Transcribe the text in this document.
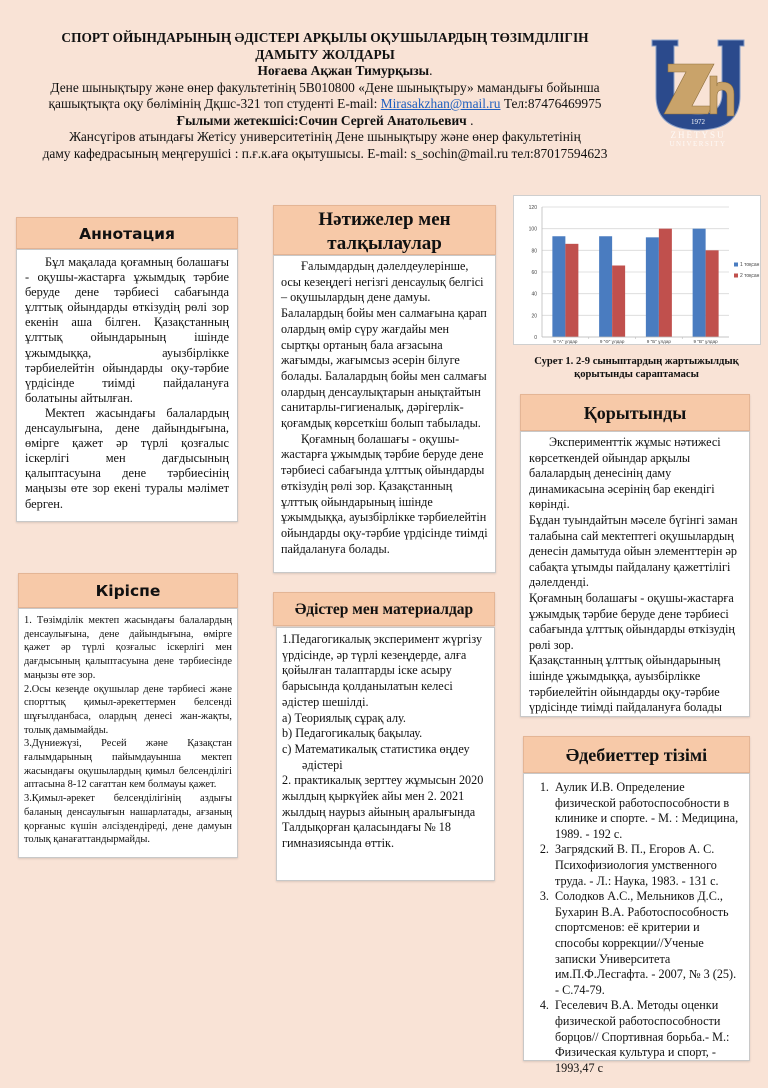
СПОРТ ОЙЫНДАРЫНЫҢ ӘДІСТЕРІ АРҚЫЛЫ ОҚУШЫЛАРДЫҢ ТӨЗІМДІЛІГІН
ДАМЫТУ ЖОЛДАРЫ
Ноғаева Ақжан Тимурқызы.
Дене шынықтыру және өнер факультетінің 5В010800 «Дене шынықтыру» мамандығы бойынша
қашықтықта оқу бөлімінің Дқшс-321 топ студенті E-mail: Mirasakzhan@mail.ru Тел:87476469975
Ғылыми жетекшісі:Сочин Сергей Анатольевич .
Жансүгіров атындағы Жетісу университетінің Дене шынықтыру және өнер факультетінің
даму кафедрасының меңгерушісі : п.ғ.к.аға оқытушысы. E-mail: s_sochin@mail.ru тел:87017594623
1972
ZHETYSU
UNIVERSITY
Аннотация

Бұл мақалада қоғамның болашағы - оқушы-жастарға ұжымдық тәрбие беруде дене тәрбиесі сабағында ұлттық ойындарды өткізудің рөлі зор екенін аша білген. Қазақстанның ұлттық ойындарының ішінде ұжымдыққа, ауызбірлікке тәрбиелейтін ойындарды оқу-тәрбие үрдісінде тиімді пайдалануға болатыны айтылған.

Мектеп жасындағы балалардың денсаулығына, дене дайындығына, өмірге қажет әр түрлі қозғалыс іскерлігі мен дағдысының қалыптасуына дене тәрбиесінің маңызы өте зор екені туралы мәлімет берген.

Кіріспе

1. Төзімділік мектеп жасындағы балалардың денсаулығына, дене дайындығына, өмірге қажет әр түрлі қозғалыс іскерлігі мен дағдысының қалыптасуына дене тәрбиесінде маңызы өте зор.

2.Осы кезеңде оқушылар дене тәрбиесі және спорттық қимыл-әрекеттермен белсенді шұғылданбаса, олардың денесі жан-жақты, толық дамымайды.

3.Дүниежүзі, Ресей және Қазақстан ғалымдарының пайымдауынша мектеп жасындағы оқушылардың қимыл белсенділігі аптасына 8-12 сағаттан кем болмауы қажет.

3.Қимыл-әрекет белсенділігінің аздығы баланың денсаулығын нашарлатады, ағзаның қорғаныс күшін әлсіздендіреді, дене дамуын толық қанағаттандырмайды.

Нәтижелер мен
талқылаулар

Ғалымдардың дәлелдеулерінше, осы кезеңдегі негізгі денсаулық белгісі – оқушылардың дене дамуы. Балалардың бойы мен салмағына қарап олардың өмір сүру жағдайы мен сыртқы ортаның бала ағзасына жағымды, жағымсыз әсерін білуге болады. Балалардың бойы мен салмағы олардың денсаулықтарын анықтайтын санитарлы-гигиеналық, дәрігерлік-қоғамдық көрсеткіш болып табылады.

Қоғамның болашағы - оқушы-жастарға ұжымдық тәрбие беруде дене тәрбиесі сабағында ұлттық ойындарды өткізудің рөлі зор. Қазақстанның ұлттық ойындарының ішінде ұжымдыққа, ауызбірлікке тәрбиелейтін ойындарды оқу-тәрбие үрдісінде тиімді пайдалануға болады.

Әдістер мен материалдар

1.Педагогикалық эксперимент жүргізу үрдісінде, әр түрлі кезеңдерде, алға қойылған талаптарды іске асыру барысында қолданылатын келесі әдістер шешілді.

a) Теориялық сұрақ алу.
b) Педагогикалық бақылау.
c) Математикалық статистика өңдеу әдістері

2. практикалық зерттеу жұмысын 2020 жылдың қыркүйек айы мен 2. 2021 жылдың наурыз айының аралығында Талдықорған қаласындағы № 18 гимназиясында өттік.

0
20
40
60
80
100
120
9 "А" ұлдар	9 "Ә" ұлдар	9 "Б" ұлдар	9 "В" ұлдар
1 тоқсан
2 тоқсан
Сурет 1. 2-9 сыныптардың жартыжылдық
қорытынды сараптамасы
Қорытынды

Эксперименттік жұмыс нәтижесі көрсеткендей ойындар арқылы балалардың денесінің даму динамикасына әсерінің бар екендігі көрінді.

Бұдан туындайтын мәселе бүгінгі заман талабына сай мектептегі оқушылардың денесін дамытуда ойын элементтерін әр сабақта ұтымды пайдалану қажеттілігі дәлелденді.

Қоғамның болашағы - оқушы-жастарға ұжымдық тәрбие беруде дене тәрбиесі сабағында ұлттық ойындарды өткізудің рөлі зор.

Қазақстанның ұлттық ойындарының ішінде ұжымдыққа, ауызбірлікке тәрбиелейтін ойындарды оқу-тәрбие үрдісінде тиімді пайдалануға болады

Әдебиеттер тізімі
1. Аулик И.В. Определение физической работоспособности в клинике и спорте. - М. : Медицина, 1989. - 192 с.
2. Загрядский В. П., Егоров А. С. Психофизиология умственного труда. - Л.: Наука, 1983. - 131 с.
3. Солодков А.С., Мельников Д.С., Бухарин В.А. Работоспособность спортсменов: её критерии и способы коррекции//Ученые записки Университета им.П.Ф.Лесгафта. - 2007, № 3 (25). - С.74-79.
4. Геселевич В.А. Методы оценки физической работоспособности борцов// Спортивная борьба.- М.: Физическая культура и спорт, - 1993,47 с
